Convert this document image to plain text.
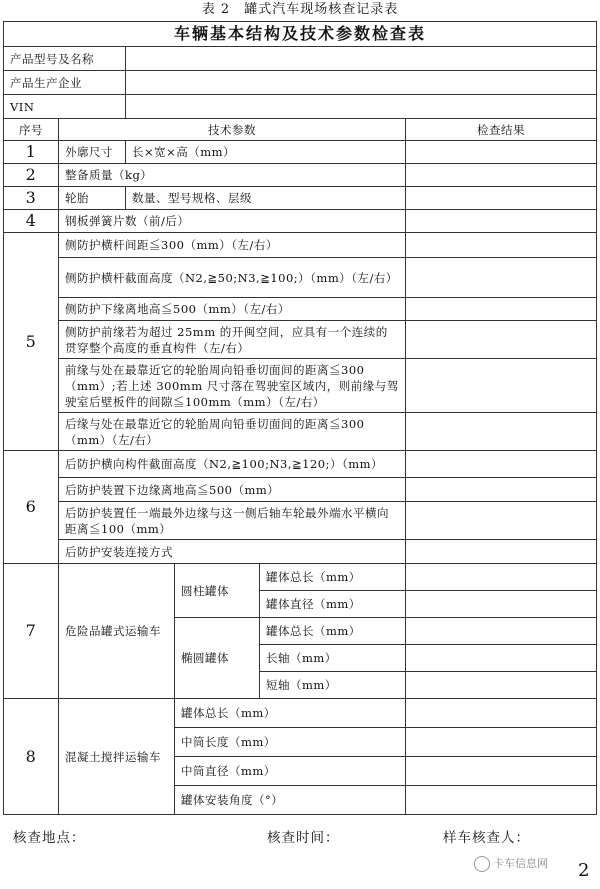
表 2　罐式汽车现场核查记录表
车辆基本结构及技术参数检查表					
产品型号及名称					
产品生产企业					
VIN					
序号	技术参数				检查结果
1	外廓尺寸	长×宽×高（mm）			
2	整备质量（kg）				
3	轮胎	数量、型号规格、层级			
4	钢板弹簧片数（前/后）				
5	侧防护横杆间距≦300（mm）（左/右）				
	侧防护横杆截面高度（N2,≧50;N3,≧100;）（mm）（左/右）				
	侧防护下缘离地高≦500（mm）（左/右）				
	侧防护前缘若为超过 25mm 的开闽空间，应具有一个连续的贯穿整个高度的垂直构件（左/右）				
	前缘与处在最靠近它的轮胎周向铅垂切面间的距离≦300（mm）;若上述 300mm 尺寸落在驾驶室区域内，则前缘与驾驶室后壁板件的间隙≦100mm（mm）（左/右）				
	后缘与处在最靠近它的轮胎周向铅垂切面间的距离≦300（mm）（左/右）				
6	后防护横向构件截面高度（N2,≧100;N3,≧120;）（mm）				
	后防护装置下边缘离地高≦500（mm）				
	后防护装置任一端最外边缘与这一侧后轴车轮最外端水平横向距离≦100（mm）				
	后防护安装连接方式				
7	危险品罐式运输车		圆柱罐体	罐体总长（mm）	
				罐体直径（mm）	
			椭圆罐体	罐体总长（mm）	
				长轴（mm）	
				短轴（mm）	
8	混凝土搅拌运输车		罐体总长（mm）		
			中筒长度（mm）		
			中筒直径（mm）		
			罐体安装角度（°）		
核查地点：	核查时间：	样车核查人：
卡车信息网 2
